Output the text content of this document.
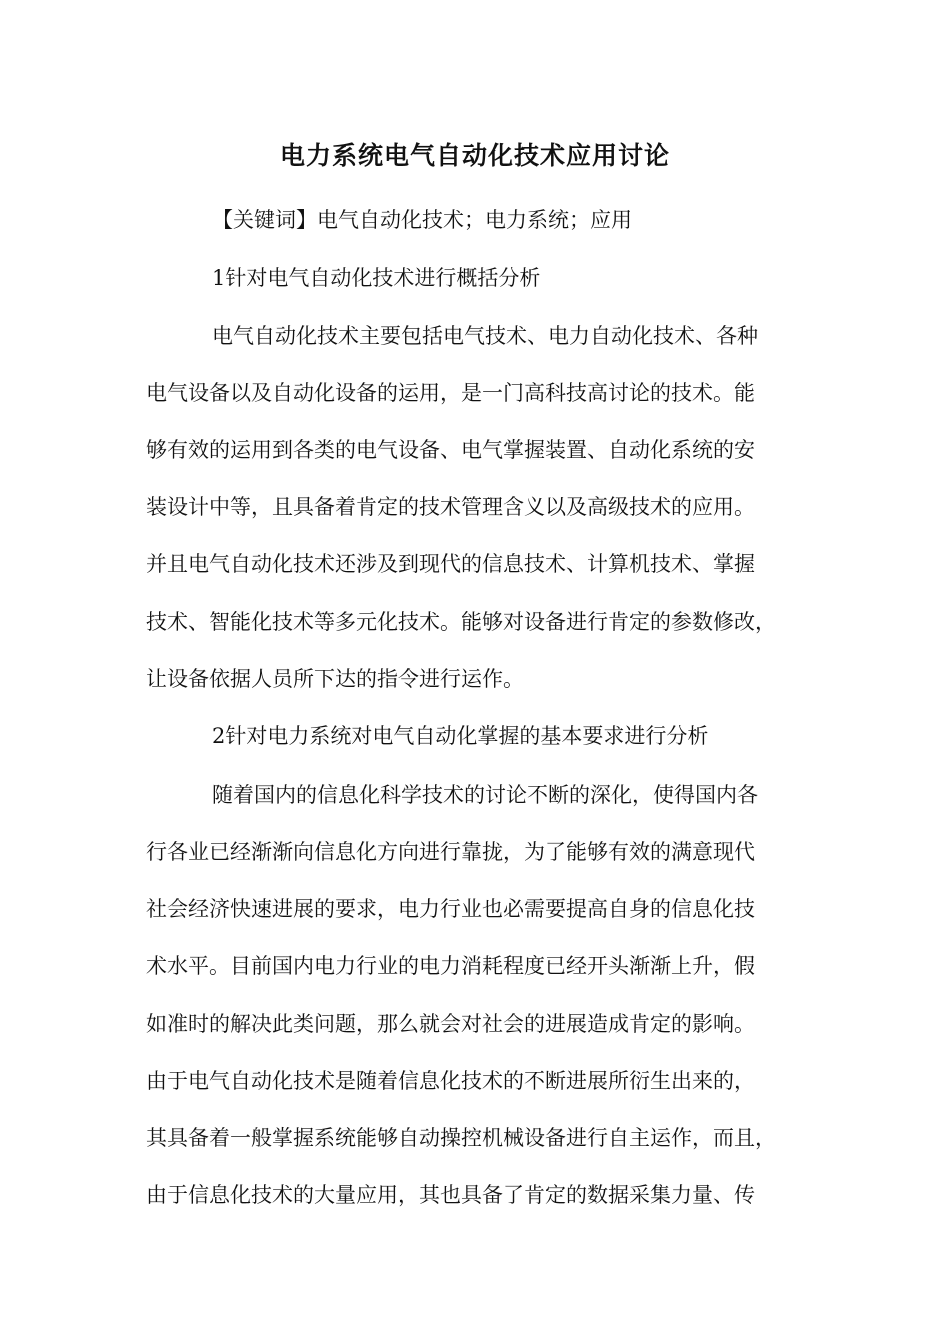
电力系统电气自动化技术应用讨论
【关键词】电气自动化技术；电力系统；应用
1针对电气自动化技术进行概括分析
电气自动化技术主要包括电气技术、电力自动化技术、各种
电气设备以及自动化设备的运用，是一门高科技高讨论的技术。能
够有效的运用到各类的电气设备、电气掌握装置、自动化系统的安
装设计中等，且具备着肯定的技术管理含义以及高级技术的应用。
并且电气自动化技术还涉及到现代的信息技术、计算机技术、掌握
技术、智能化技术等多元化技术。能够对设备进行肯定的参数修改，
让设备依据人员所下达的指令进行运作。
2针对电力系统对电气自动化掌握的基本要求进行分析
随着国内的信息化科学技术的讨论不断的深化，使得国内各
行各业已经渐渐向信息化方向进行靠拢，为了能够有效的满意现代
社会经济快速进展的要求，电力行业也必需要提高自身的信息化技
术水平。目前国内电力行业的电力消耗程度已经开头渐渐上升，假
如准时的解决此类问题，那么就会对社会的进展造成肯定的影响。
由于电气自动化技术是随着信息化技术的不断进展所衍生出来的，
其具备着一般掌握系统能够自动操控机械设备进行自主运作，而且，
由于信息化技术的大量应用，其也具备了肯定的数据采集力量、传
